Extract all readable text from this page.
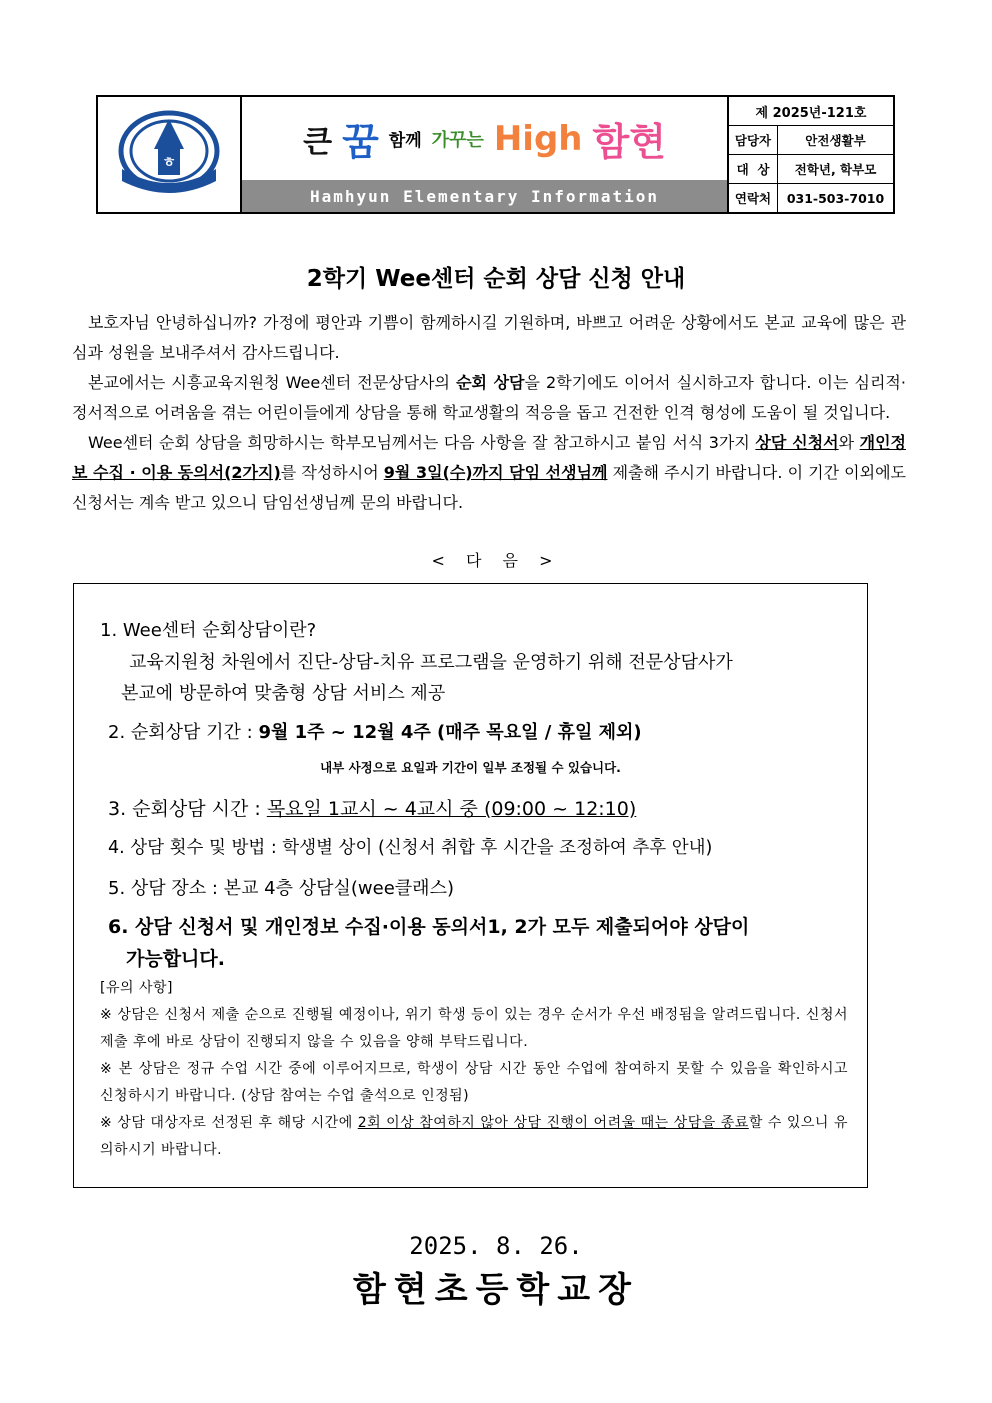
ㅎ
큰 꿈 함께 가꾸는 High 함현
Hamhyun Elementary Information
제 2025년-121호
담당자	안전생활부
대  상	전학년, 학부모
연락처	031-503-7010
2학기 Wee센터 순회 상담 신청 안내

보호자님 안녕하십니까? 가정에 평안과 기쁨이 함께하시길 기원하며, 바쁘고 어려운 상황에서도 본교 교육에 많은 관심과 성원을 보내주셔서 감사드립니다.

본교에서는 시흥교육지원청 Wee센터 전문상담사의 순회 상담을 2학기에도 이어서 실시하고자 합니다. 이는 심리적·정서적으로 어려움을 겪는 어린이들에게 상담을 통해 학교생활의 적응을 돕고 건전한 인격 형성에 도움이 될 것입니다.

Wee센터 순회 상담을 희망하시는 학부모님께서는 다음 사항을 잘 참고하시고 붙임 서식 3가지 상담 신청서와 개인정보 수집 · 이용 동의서(2가지)를 작성하시어 9월 3일(수)까지 담임 선생님께 제출해 주시기 바랍니다. 이 기간 이외에도 신청서는 계속 받고 있으니 담임선생님께 문의 바랍니다.

< 다 음 >
1. Wee센터 순회상담이란?
교육지원청 차원에서 진단-상담-치유 프로그램을 운영하기 위해 전문상담사가
본교에 방문하여 맞춤형 상담 서비스 제공
2. 순회상담 기간 : 9월 1주 ~ 12월 4주 (매주 목요일 / 휴일 제외)
내부 사정으로 요일과 기간이 일부 조정될 수 있습니다.
3. 순회상담 시간 : 목요일 1교시 ~ 4교시 중 (09:00 ~ 12:10)
4. 상담 횟수 및 방법 : 학생별 상이 (신청서 취합 후 시간을 조정하여 추후 안내)
5. 상담 장소 : 본교 4층 상담실(wee클래스)
6. 상담 신청서 및 개인정보 수집·이용 동의서1, 2가 모두 제출되어야 상담이
가능합니다.
[유의 사항]
※ 상담은 신청서 제출 순으로 진행될 예정이나, 위기 학생 등이 있는 경우 순서가 우선 배정됨을 알려드립니다. 신청서 제출 후에 바로 상담이 진행되지 않을 수 있음을 양해 부탁드립니다.
※ 본 상담은 정규 수업 시간 중에 이루어지므로, 학생이 상담 시간 동안 수업에 참여하지 못할 수 있음을 확인하시고 신청하시기 바랍니다. (상담 참여는 수업 출석으로 인정됨)
※ 상담 대상자로 선정된 후 해당 시간에 2회 이상 참여하지 않아 상담 진행이 어려울 때는 상담을 종료할 수 있으니 유의하시기 바랍니다.
2025. 8. 26.
함현초등학교장
